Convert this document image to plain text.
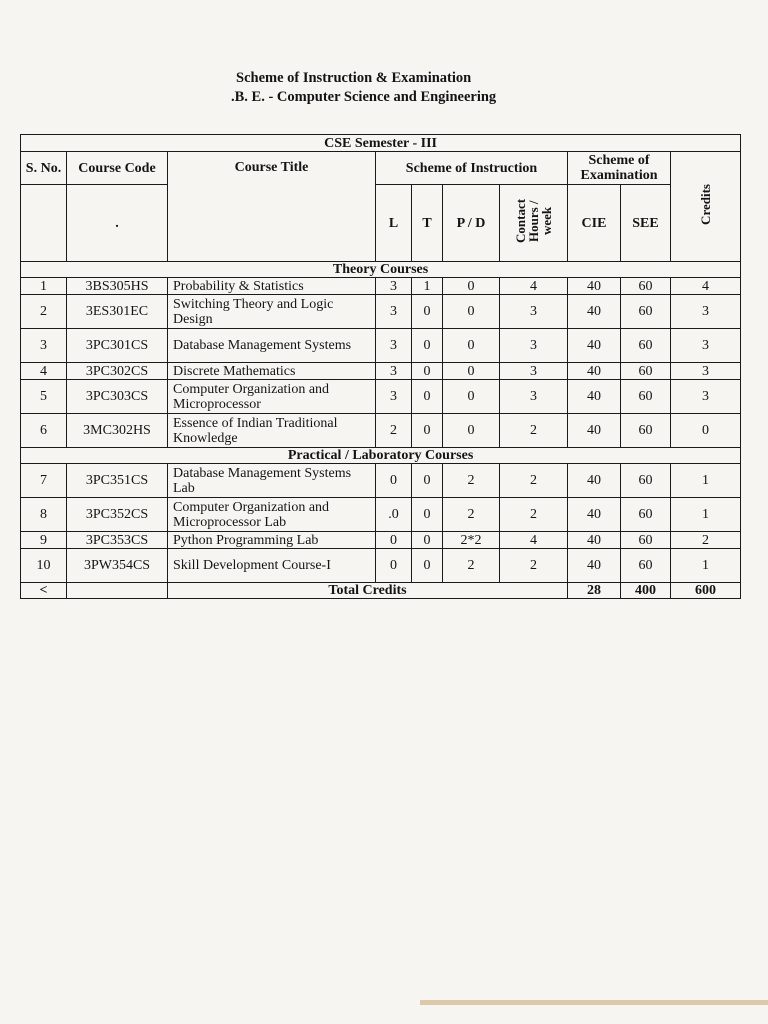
Scheme of Instruction & Examination
.B. E. - Computer Science and Engineering
CSE Semester - III										
S. No.	Course Code	Course Title	Scheme of Instruction				Scheme of Examination		Credits	
	.		L	T	P / D	Contact Hours / week	CIE	SEE		
Theory Courses										
1	3BS305HS	Probability & Statistics	3	1	0	4	40	60	4	
2	3ES301EC	Switching Theory and Logic Design	3	0	0	3	40	60	3	
3	3PC301CS	Database Management Systems	3	0	0	3	40	60	3	
4	3PC302CS	Discrete Mathematics	3	0	0	3	40	60	3	
5	3PC303CS	Computer Organization and Microprocessor	3	0	0	3	40	60	3	
6	3MC302HS	Essence of Indian Traditional Knowledge	2	0	0	2	40	60	0	
Practical / Laboratory Courses										
7	3PC351CS	Database Management Systems Lab	0	0	2	2	40	60	1	
8	3PC352CS	Computer Organization and Microprocessor Lab	.0	0	2	2	40	60	1	
9	3PC353CS	Python Programming Lab	0	0	2*2	4	40	60	2	
10	3PW354CS	Skill Development Course-I	0	0	2	2	40	60	1	
<		Total Credits					28	400	600	
